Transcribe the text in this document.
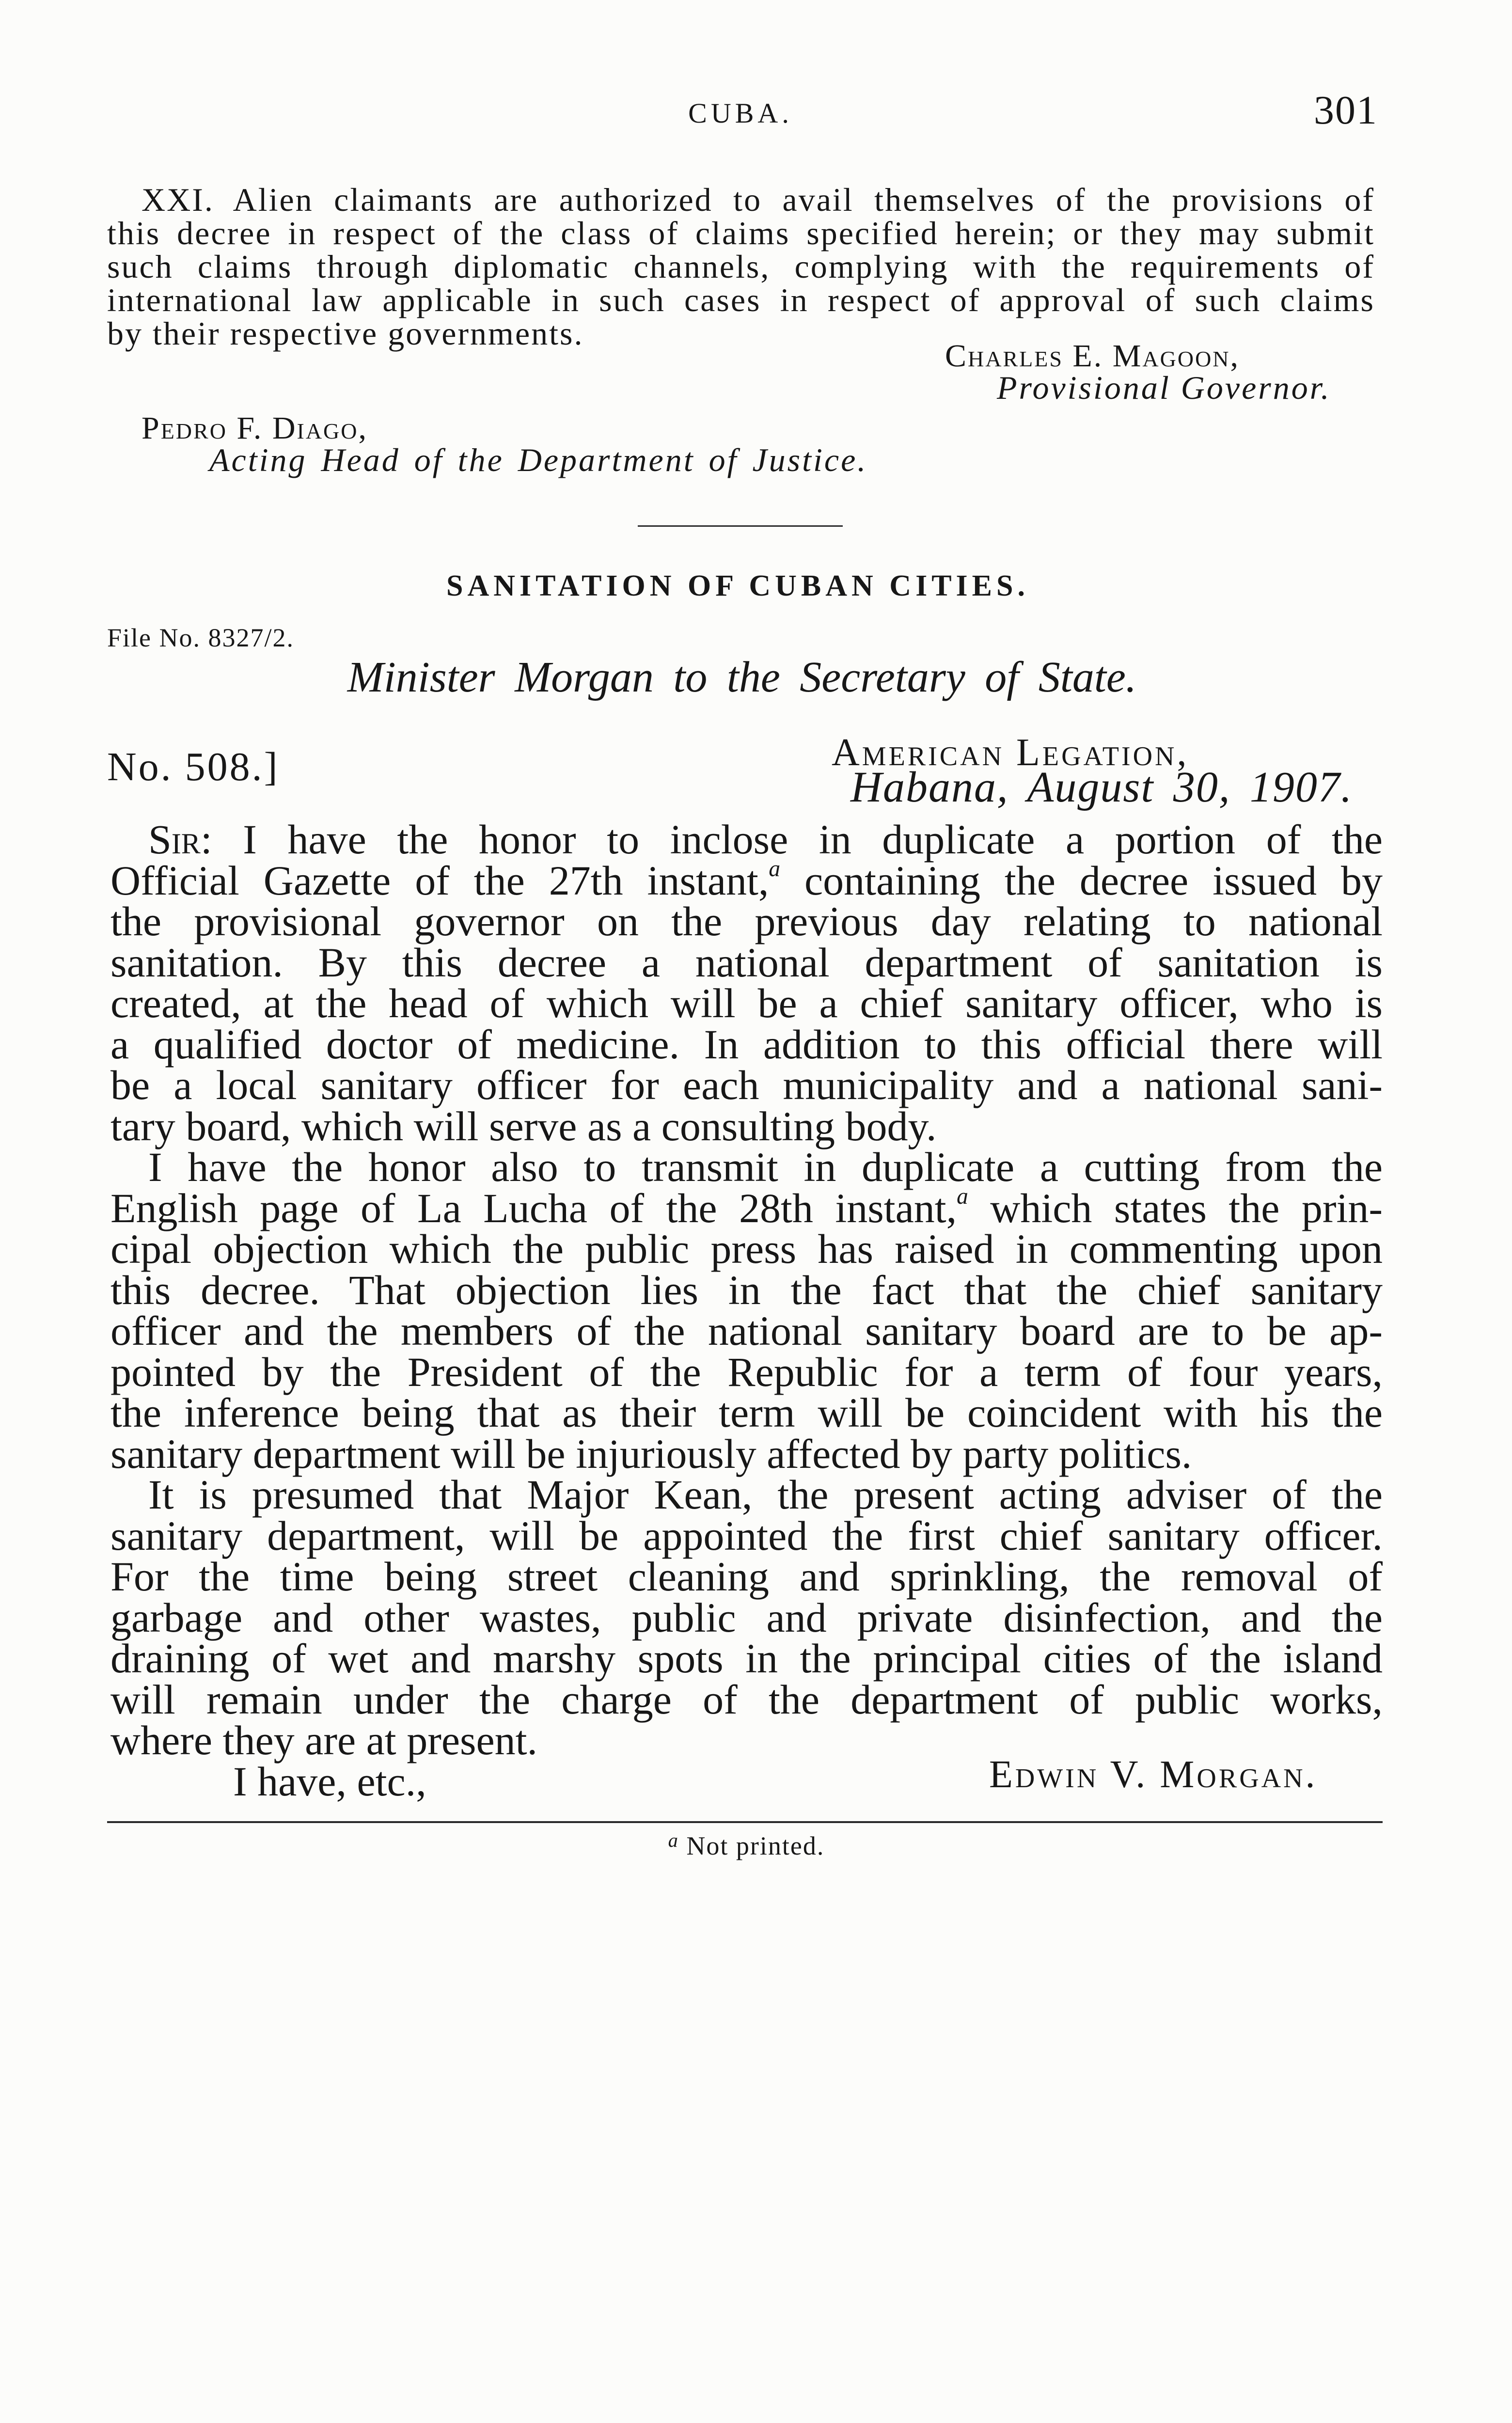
CUBA.	301
XXI. Alien claimants are authorized to avail themselves of the provisions of
this decree in respect of the class of claims specified herein; or they may submit
such claims through diplomatic channels, complying with the requirements of
international law applicable in such cases in respect of approval of such claims
by their respective governments.
Charles E. Magoon,
Provisional Governor.
Pedro F. Diago,
Acting Head of the Department of Justice.
SANITATION OF CUBAN CITIES.
File No. 8327/2.
Minister Morgan to the Secretary of State.
No. 508.]	American Legation,
Habana, August 30, 1907.
Sir: I have the honor to inclose in duplicate a portion of the
Official Gazette of the 27th instant,$^a$ containing the decree issued by
the provisional governor on the previous day relating to national
sanitation. By this decree a national department of sanitation is
created, at the head of which will be a chief sanitary officer, who is
a qualified doctor of medicine. In addition to this official there will
be a local sanitary officer for each municipality and a national sani-
tary board, which will serve as a consulting body.
I have the honor also to transmit in duplicate a cutting from the
English page of La Lucha of the 28th instant,$^a$ which states the prin-
cipal objection which the public press has raised in commenting upon
this decree. That objection lies in the fact that the chief sanitary
officer and the members of the national sanitary board are to be ap-
pointed by the President of the Republic for a term of four years,
the inference being that as their term will be coincident with his the
sanitary department will be injuriously affected by party politics.
It is presumed that Major Kean, the present acting adviser of the
sanitary department, will be appointed the first chief sanitary officer.
For the time being street cleaning and sprinkling, the removal of
garbage and other wastes, public and private disinfection, and the
draining of wet and marshy spots in the principal cities of the island
will remain under the charge of the department of public works,
where they are at present.
I have, etc.,	Edwin V. Morgan.
$^a$ Not printed.
